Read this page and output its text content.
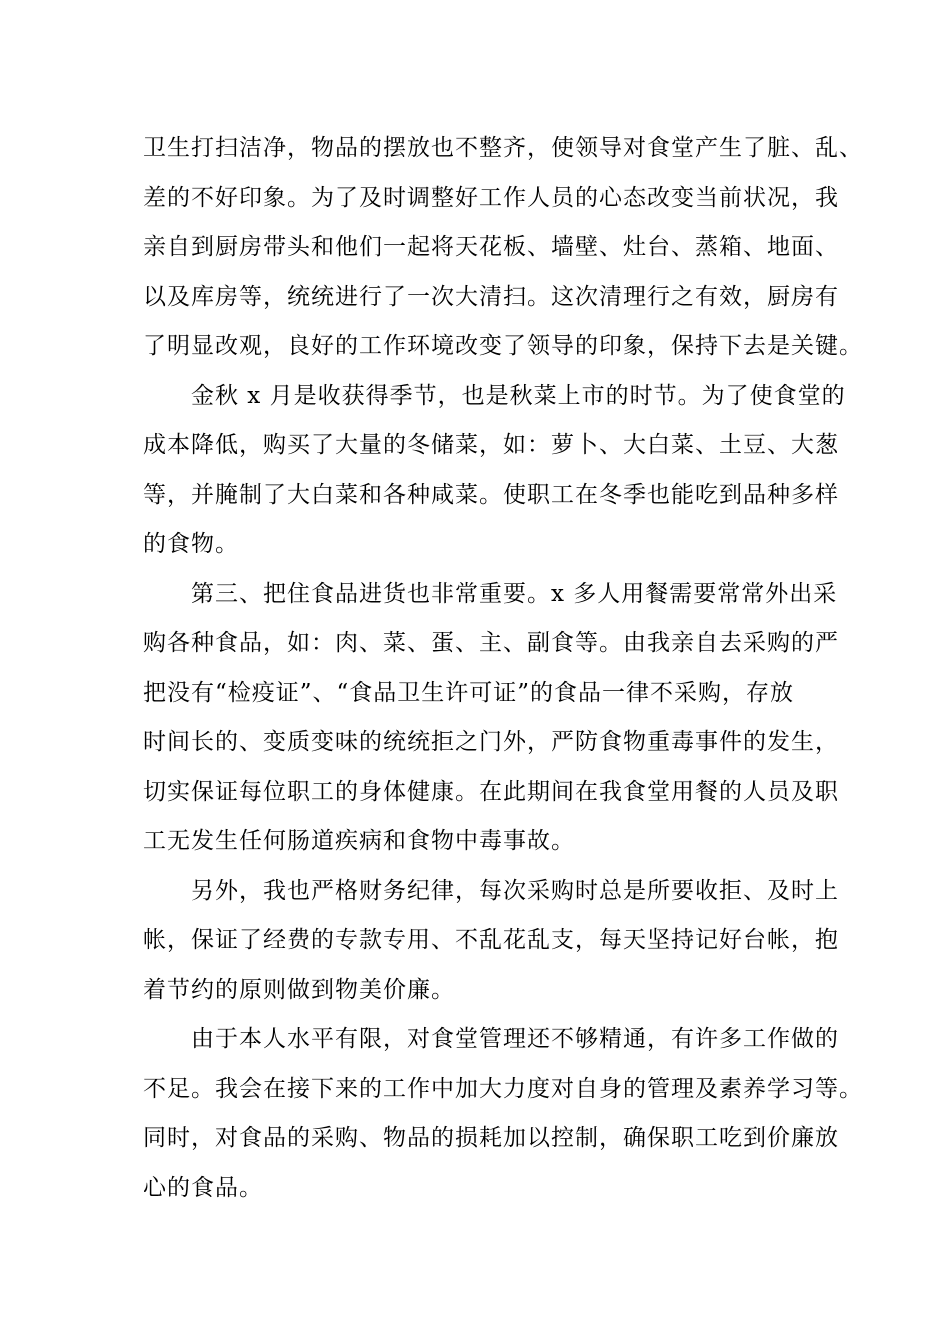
卫生打扫洁净，物品的摆放也不整齐，使领导对食堂产生了脏、乱、
差的不好印象。为了及时调整好工作人员的心态改变当前状况，我
亲自到厨房带头和他们一起将天花板、墙壁、灶台、蒸箱、地面、
以及库房等，统统进行了一次大清扫。这次清理行之有效，厨房有
了明显改观，良好的工作环境改变了领导的印象，保持下去是关键。
金秋 x 月是收获得季节，也是秋菜上市的时节。为了使食堂的
成本降低，购买了大量的冬储菜，如：萝卜、大白菜、土豆、大葱
等，并腌制了大白菜和各种咸菜。使职工在冬季也能吃到品种多样
的食物。
第三、把住食品进货也非常重要。x 多人用餐需要常常外出采
购各种食品，如：肉、菜、蛋、主、副食等。由我亲自去采购的严
把没有“检疫证”、“食品卫生许可证”的食品一律不采购，存放
时间长的、变质变味的统统拒之门外，严防食物重毒事件的发生，
切实保证每位职工的身体健康。在此期间在我食堂用餐的人员及职
工无发生任何肠道疾病和食物中毒事故。
另外，我也严格财务纪律，每次采购时总是所要收拒、及时上
帐，保证了经费的专款专用、不乱花乱支，每天坚持记好台帐，抱
着节约的原则做到物美价廉。
由于本人水平有限，对食堂管理还不够精通，有许多工作做的
不足。我会在接下来的工作中加大力度对自身的管理及素养学习等。
同时，对食品的采购、物品的损耗加以控制，确保职工吃到价廉放
心的食品。
